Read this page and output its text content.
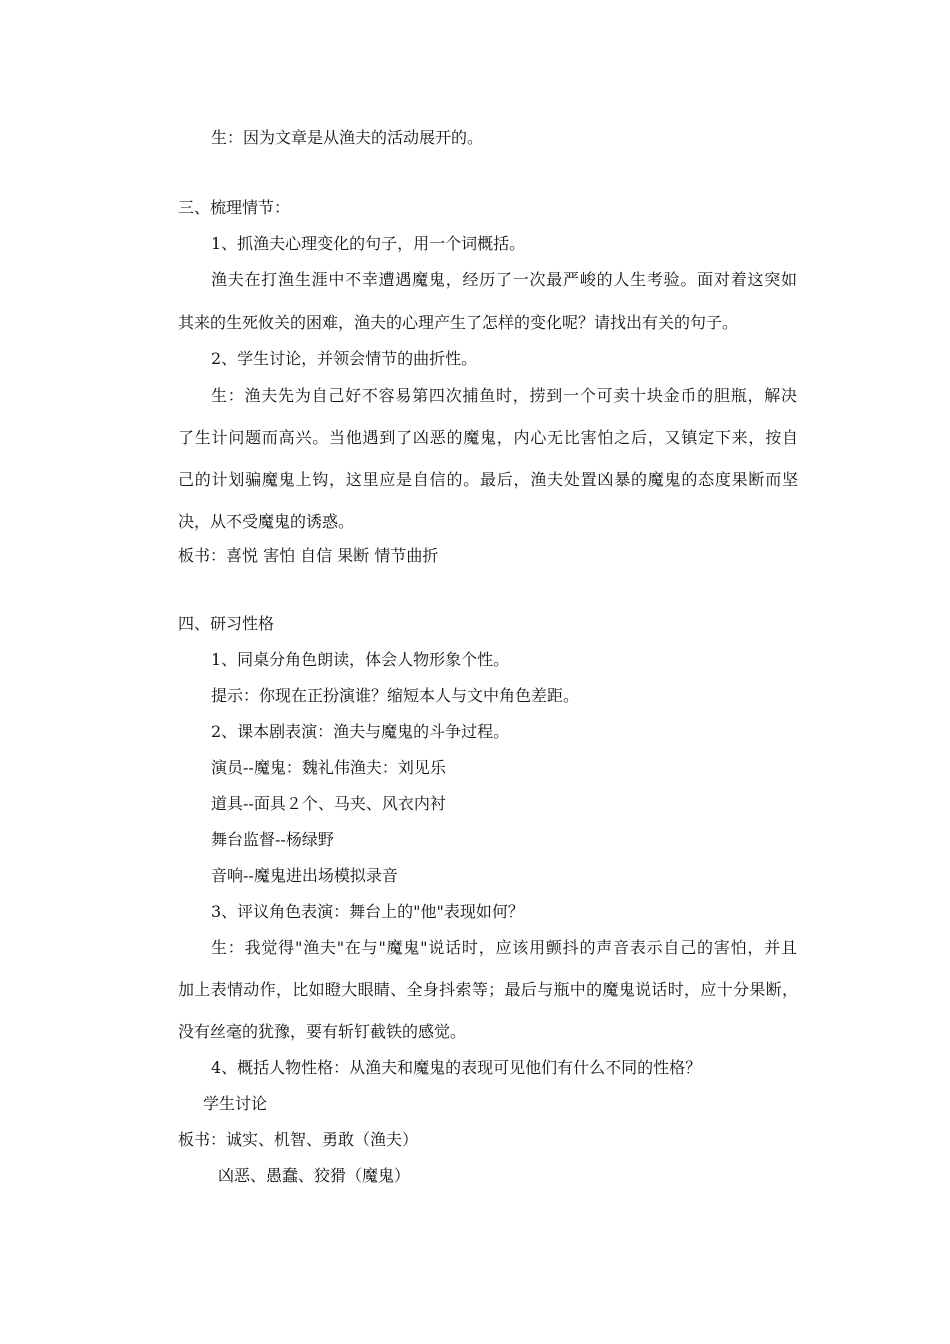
生：因为文章是从渔夫的活动展开的。
三、梳理情节：
1、抓渔夫心理变化的句子，用一个词概括。
渔夫在打渔生涯中不幸遭遇魔鬼，经历了一次最严峻的人生考验。面对着这突如
其来的生死攸关的困难，渔夫的心理产生了怎样的变化呢？请找出有关的句子。
2、学生讨论，并领会情节的曲折性。
生：渔夫先为自己好不容易第四次捕鱼时，捞到一个可卖十块金币的胆瓶，解决
了生计问题而高兴。当他遇到了凶恶的魔鬼，内心无比害怕之后，又镇定下来，按自
己的计划骗魔鬼上钩，这里应是自信的。最后，渔夫处置凶暴的魔鬼的态度果断而坚
决，从不受魔鬼的诱惑。
板书：喜悦 害怕 自信 果断 情节曲折
四、研习性格
1、同桌分角色朗读，体会人物形象个性。
提示：你现在正扮演谁？缩短本人与文中角色差距。
2、课本剧表演：渔夫与魔鬼的斗争过程。
演员--魔鬼：魏礼伟渔夫：刘见乐
道具--面具２个、马夹、风衣内衬
舞台监督--杨绿野
音响--魔鬼进出场模拟录音
3、评议角色表演：舞台上的"他"表现如何？
生：我觉得"渔夫"在与"魔鬼"说话时，应该用颤抖的声音表示自己的害怕，并且
加上表情动作，比如瞪大眼睛、全身抖索等；最后与瓶中的魔鬼说话时，应十分果断，
没有丝毫的犹豫，要有斩钉截铁的感觉。
4、概括人物性格：从渔夫和魔鬼的表现可见他们有什么不同的性格？
学生讨论
板书：诚实、机智、勇敢（渔夫）
凶恶、愚蠢、狡猾（魔鬼）
